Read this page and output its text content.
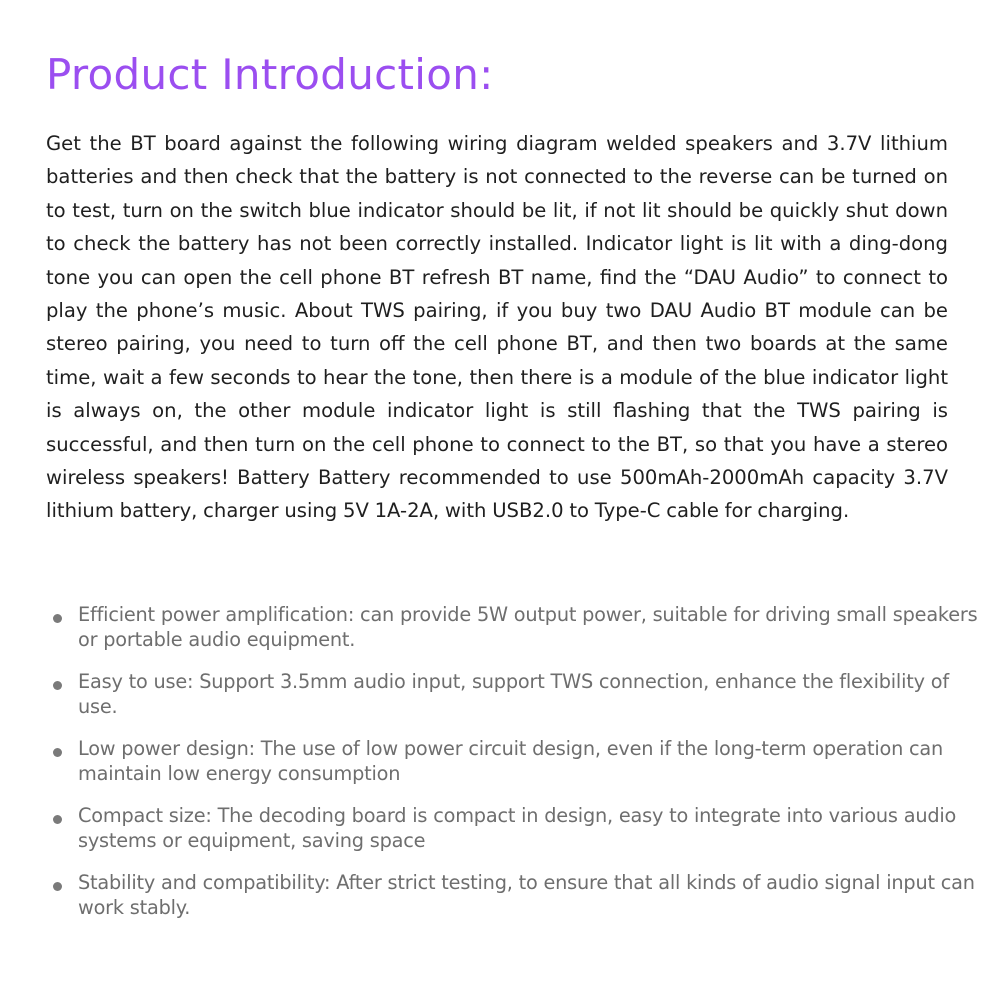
Product Introduction:

Get the BT board against the following wiring diagram welded speakers and 3.7V lithium batteries and then check that the battery is not connected to the reverse can be turned on to test, turn on the switch blue indicator should be lit, if not lit should be quickly shut down to check the battery has not been correctly installed. Indicator light is lit with a ding-dong tone you can open the cell phone BT refresh BT name, find the “DAU Audio” to connect to play the phone’s music. About TWS pairing, if you buy two DAU Audio BT module can be stereo pairing, you need to turn off the cell phone BT, and then two boards at the same time, wait a few seconds to hear the tone, then there is a module of the blue indicator light is always on, the other module indicator light is still flashing that the TWS pairing is successful, and then turn on the cell phone to connect to the BT, so that you have a stereo wireless speakers! Battery Battery recommended to use 500mAh-2000mAh capacity 3.7V lithium battery, charger using 5V 1A-2A, with USB2.0 to Type-C cable for charging.

Efficient power amplification: can provide 5W output power, suitable for driving small speakers or portable audio equipment.
Easy to use: Support 3.5mm audio input, support TWS connection, enhance the flexibility of use.
Low power design: The use of low power circuit design, even if the long-term operation can maintain low energy consumption
Compact size: The decoding board is compact in design, easy to integrate into various audio systems or equipment, saving space
Stability and compatibility: After strict testing, to ensure that all kinds of audio signal input can work stably.
